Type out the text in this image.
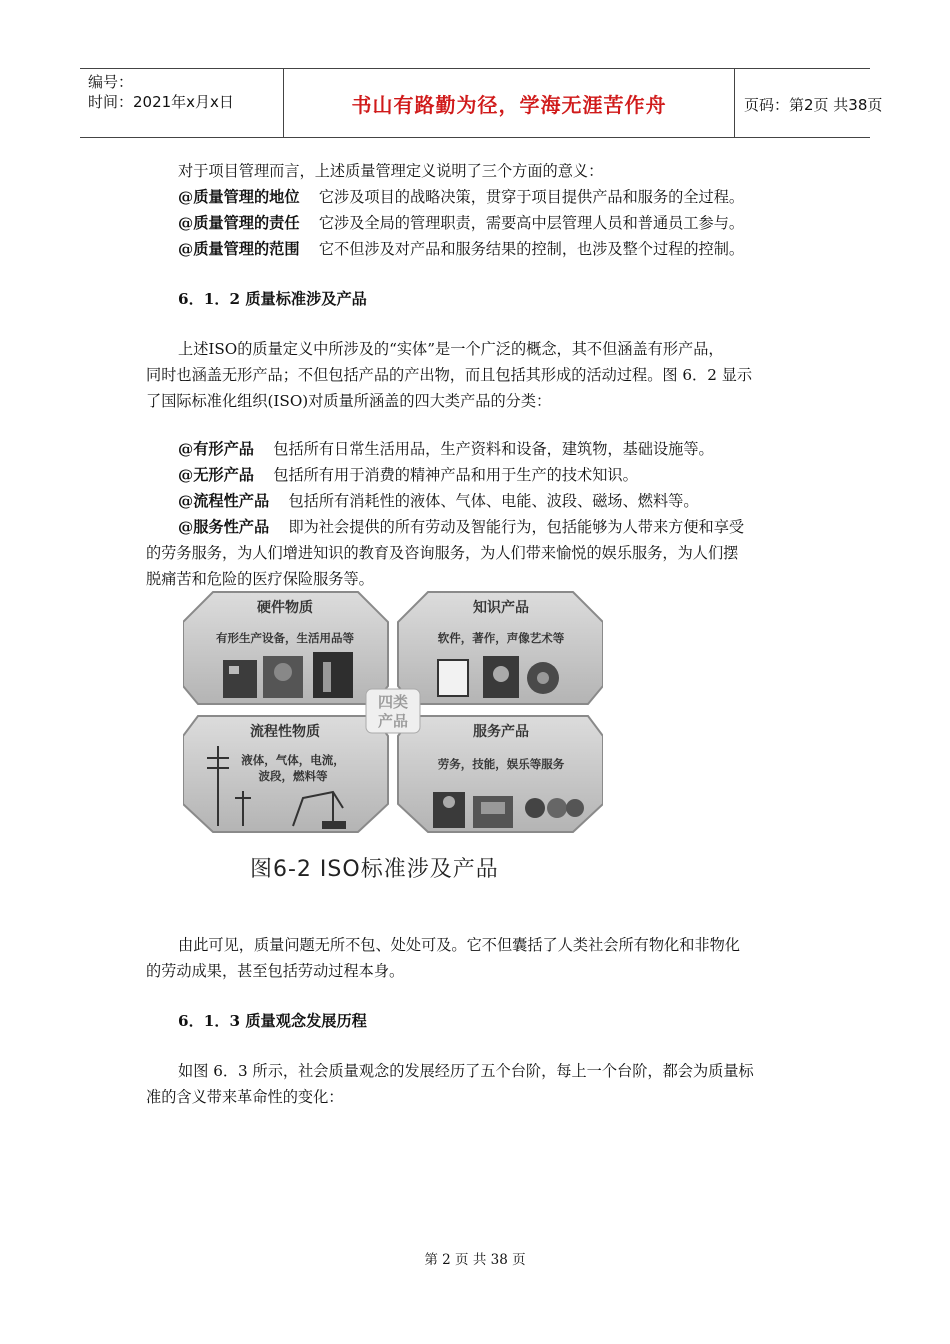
编号：
时间：2021年x月x日	书山有路勤为径，学海无涯苦作舟	页码：第2页 共38页
对于项目管理而言，上述质量管理定义说明了三个方面的意义：
@质量管理的地位 它涉及项目的战略决策，贯穿于项目提供产品和服务的全过程。
@质量管理的责任 它涉及全局的管理职责，需要高中层管理人员和普通员工参与。
@质量管理的范围 它不但涉及对产品和服务结果的控制，也涉及整个过程的控制。
6．1．2 质量标准涉及产品
上述ISO的质量定义中所涉及的“实体”是一个广泛的概念，其不但涵盖有形产品，
同时也涵盖无形产品；不但包括产品的产出物，而且包括其形成的活动过程。图 6．2 显示
了国际标准化组织(ISO)对质量所涵盖的四大类产品的分类：
@有形产品 包括所有日常生活用品，生产资料和设备，建筑物，基础设施等。
@无形产品 包括所有用于消费的精神产品和用于生产的技术知识。
@流程性产品 包括所有消耗性的液体、气体、电能、波段、磁场、燃料等。
@服务性产品 即为社会提供的所有劳动及智能行为，包括能够为人带来方便和享受
的劳务服务，为人们增进知识的教育及咨询服务，为人们带来愉悦的娱乐服务，为人们摆
脱痛苦和危险的医疗保险服务等。
四类
产品
硬件物质
有形生产设备，生活用品等
知识产品
软件，著作，声像艺术等
流程性物质
液体，气体，电流，
波段，燃料等
服务产品
劳务，技能，娱乐等服务
图6-2 ISO标准涉及产品
由此可见，质量问题无所不包、处处可及。它不但囊括了人类社会所有物化和非物化
的劳动成果，甚至包括劳动过程本身。
6．1．3 质量观念发展历程
如图 6．3 所示，社会质量观念的发展经历了五个台阶，每上一个台阶，都会为质量标
准的含义带来革命性的变化：
第 2 页 共 38 页
